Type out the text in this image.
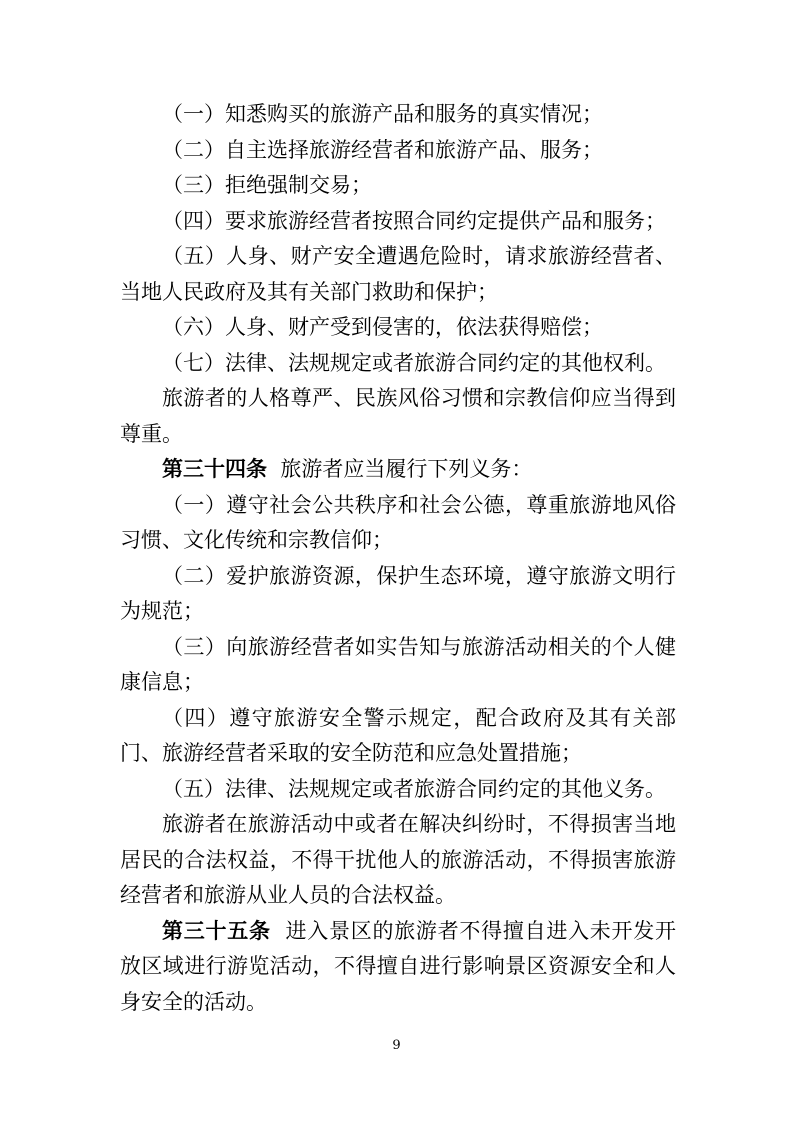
（一）知悉购买的旅游产品和服务的真实情况；

（二）自主选择旅游经营者和旅游产品、服务；

（三）拒绝强制交易；

（四）要求旅游经营者按照合同约定提供产品和服务；

（五）人身、财产安全遭遇危险时，请求旅游经营者、当地人民政府及其有关部门救助和保护；

（六）人身、财产受到侵害的，依法获得赔偿；

（七）法律、法规规定或者旅游合同约定的其他权利。

旅游者的人格尊严、民族风俗习惯和宗教信仰应当得到尊重。

第三十四条 旅游者应当履行下列义务：

（一）遵守社会公共秩序和社会公德，尊重旅游地风俗习惯、文化传统和宗教信仰；

（二）爱护旅游资源，保护生态环境，遵守旅游文明行为规范；

（三）向旅游经营者如实告知与旅游活动相关的个人健康信息；

（四）遵守旅游安全警示规定，配合政府及其有关部门、旅游经营者采取的安全防范和应急处置措施；

（五）法律、法规规定或者旅游合同约定的其他义务。

旅游者在旅游活动中或者在解决纠纷时，不得损害当地居民的合法权益，不得干扰他人的旅游活动，不得损害旅游经营者和旅游从业人员的合法权益。

第三十五条 进入景区的旅游者不得擅自进入未开发开放区域进行游览活动，不得擅自进行影响景区资源安全和人身安全的活动。

9
